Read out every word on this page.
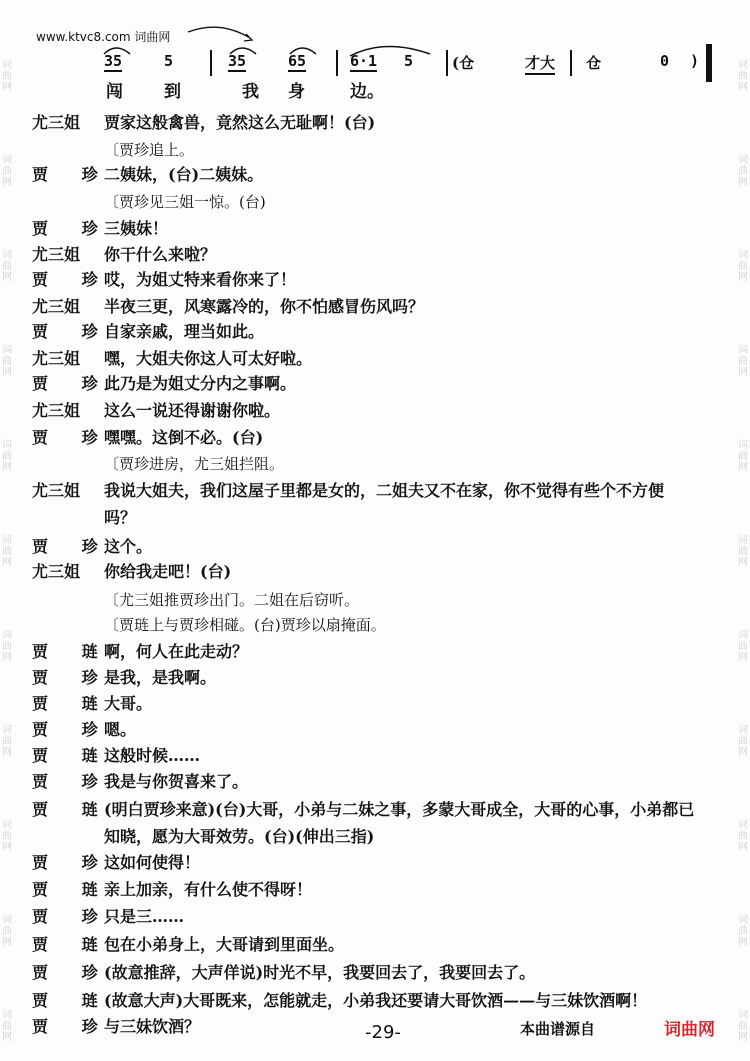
词
曲
网
词
曲
网
词
曲
网
词
曲
网
词
曲
网
词
曲
网
词
曲
网
词
曲
网
词
曲
网
词
曲
网
词
曲
网
词
曲
网
词
曲
网
词
曲
网
词
曲
网
词
曲
网
词
曲
网
词
曲
网
词
曲
网
词
曲
网
词
曲
网
词
曲
网
www.ktvc8.com 词曲网
35	5	35	65	6·1 5	(仓	才大 仓	0 )
闯 到	我 身	边。
尤三姐	贾家这般禽兽，竟然这么无耻啊！(台)
〔贾珍追上。
贾 珍
二姨妹，(台)二姨妹。
〔贾珍见三姐一惊。(台)
贾 珍
三姨妹！
尤三姐	你干什么来啦？
贾 珍
哎，为姐丈特来看你来了！
尤三姐	半夜三更，风寒露冷的，你不怕感冒伤风吗？
贾 珍
自家亲戚，理当如此。
尤三姐	嘿，大姐夫你这人可太好啦。
贾 珍
此乃是为姐丈分内之事啊。
尤三姐	这么一说还得谢谢你啦。
贾 珍
嘿嘿。这倒不必。(台)
〔贾珍进房，尤三姐拦阻。
尤三姐	我说大姐夫，我们这屋子里都是女的，二姐夫又不在家，你不觉得有些个不方便
吗？
贾 珍
这个。
尤三姐	你给我走吧！(台)
〔尤三姐推贾珍出门。二姐在后窃听。
〔贾琏上与贾珍相碰。(台)贾珍以扇掩面。
贾 琏
啊，何人在此走动？
贾 珍
是我，是我啊。
贾 琏
大哥。
贾 珍
嗯。
贾 琏
这般时候……
贾 珍
我是与你贺喜来了。
贾 琏
(明白贾珍来意)(台)大哥，小弟与二妹之事，多蒙大哥成全，大哥的心事，小弟都已
知晓，愿为大哥效劳。(台)(伸出三指)
贾 珍
这如何使得！
贾 琏
亲上加亲，有什么使不得呀！
贾 珍
只是三……
贾 琏
包在小弟身上，大哥请到里面坐。
贾 珍
(故意推辞，大声佯说)时光不早，我要回去了，我要回去了。
贾 琏
(故意大声)大哥既来，怎能就走，小弟我还要请大哥饮酒——与三妹饮酒啊！
贾 珍
与三妹饮酒？	-29-	本曲谱源自	词曲网
